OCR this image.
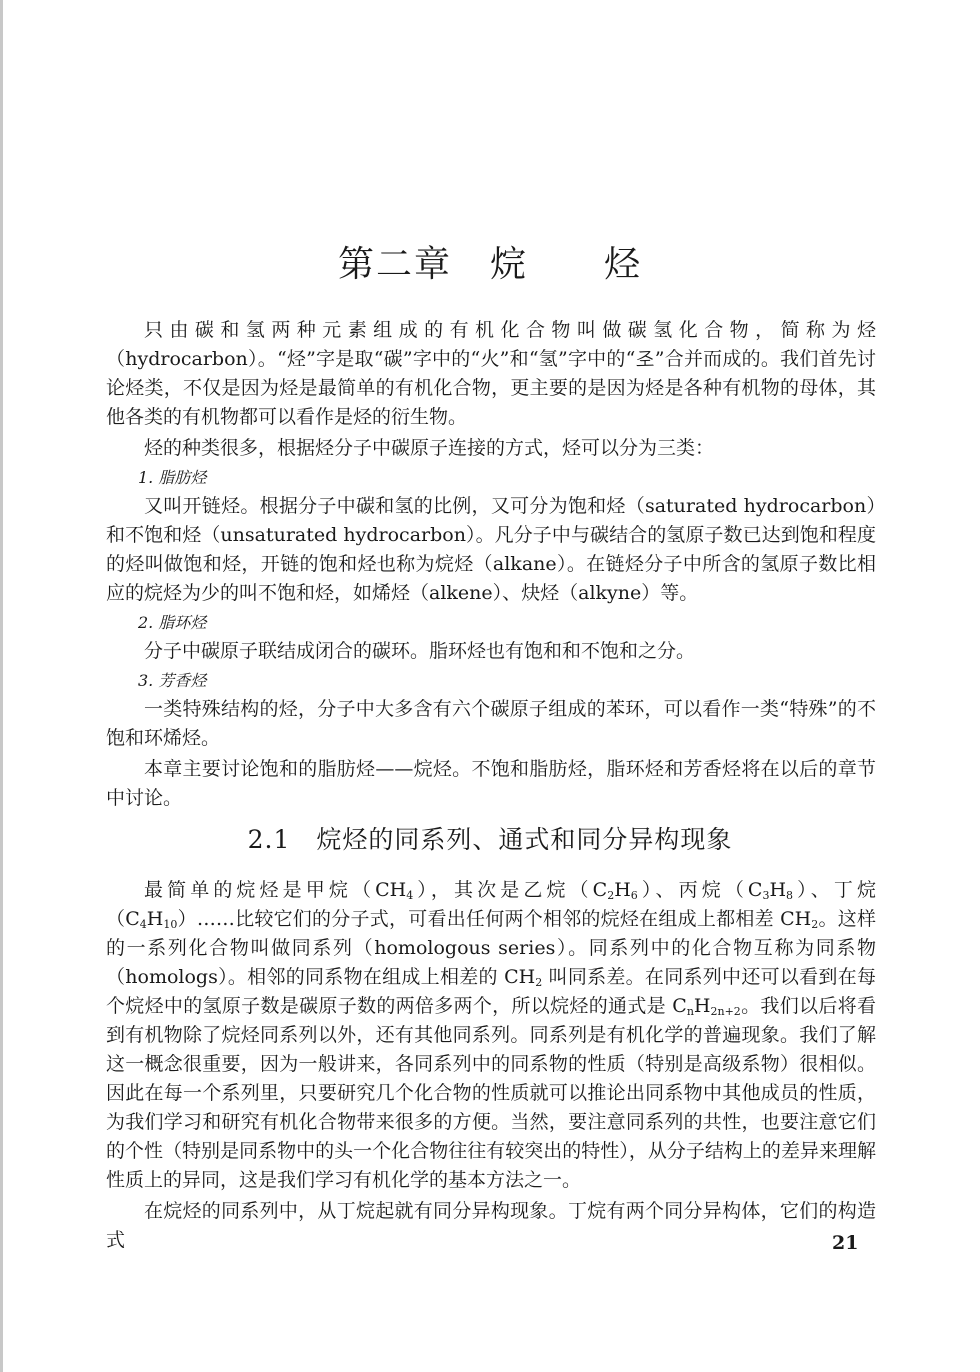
第二章　烷　　烃

只由碳和氢两种元素组成的有机化合物叫做碳氢化合物，简称为烃（hydrocarbon）。“烃”字是取“碳”字中的“火”和“氢”字中的“𢀖”合并而成的。我们首先讨论烃类，不仅是因为烃是最简单的有机化合物，更主要的是因为烃是各种有机物的母体，其他各类的有机物都可以看作是烃的衍生物。

烃的种类很多，根据烃分子中碳原子连接的方式，烃可以分为三类：

1. 脂肪烃

又叫开链烃。根据分子中碳和氢的比例，又可分为饱和烃（saturated hydrocarbon）和不饱和烃（unsaturated hydrocarbon）。凡分子中与碳结合的氢原子数已达到饱和程度的烃叫做饱和烃，开链的饱和烃也称为烷烃（alkane）。在链烃分子中所含的氢原子数比相应的烷烃为少的叫不饱和烃，如烯烃（alkene）、炔烃（alkyne）等。

2. 脂环烃

分子中碳原子联结成闭合的碳环。脂环烃也有饱和和不饱和之分。

3. 芳香烃

一类特殊结构的烃，分子中大多含有六个碳原子组成的苯环，可以看作一类“特殊”的不饱和环烯烃。

本章主要讨论饱和的脂肪烃——烷烃。不饱和脂肪烃，脂环烃和芳香烃将在以后的章节中讨论。

2.1　烷烃的同系列、通式和同分异构现象

最简单的烷烃是甲烷$(CH_4)$，其次是乙烷$(C_2H_6)$、丙烷$(C_3H_8)$、丁烷$(C_4H_{10})\dots\dots$比较它们的分子式，可看出任何两个相邻的烷烃在组成上都相差 $CH_2$。这样的一系列化合物叫做同系列（homologous series）。同系列中的化合物互称为同系物（homologs）。相邻的同系物在组成上相差的 $CH_2$ 叫同系差。在同系列中还可以看到在每个烷烃中的氢原子数是碳原子数的两倍多两个，所以烷烃的通式是 $C_nH_{2n+2}$。我们以后将看到有机物除了烷烃同系列以外，还有其他同系列。同系列是有机化学的普遍现象。我们了解这一概念很重要，因为一般讲来，各同系列中的同系物的性质（特别是高级系物）很相似。因此在每一个系列里，只要研究几个化合物的性质就可以推论出同系物中其他成员的性质，为我们学习和研究有机化合物带来很多的方便。当然，要注意同系列的共性，也要注意它们的个性（特别是同系物中的头一个化合物往往有较突出的特性），从分子结构上的差异来理解性质上的异同，这是我们学习有机化学的基本方法之一。

在烷烃的同系列中，从丁烷起就有同分异构现象。丁烷有两个同分异构体，它们的构造式	21
